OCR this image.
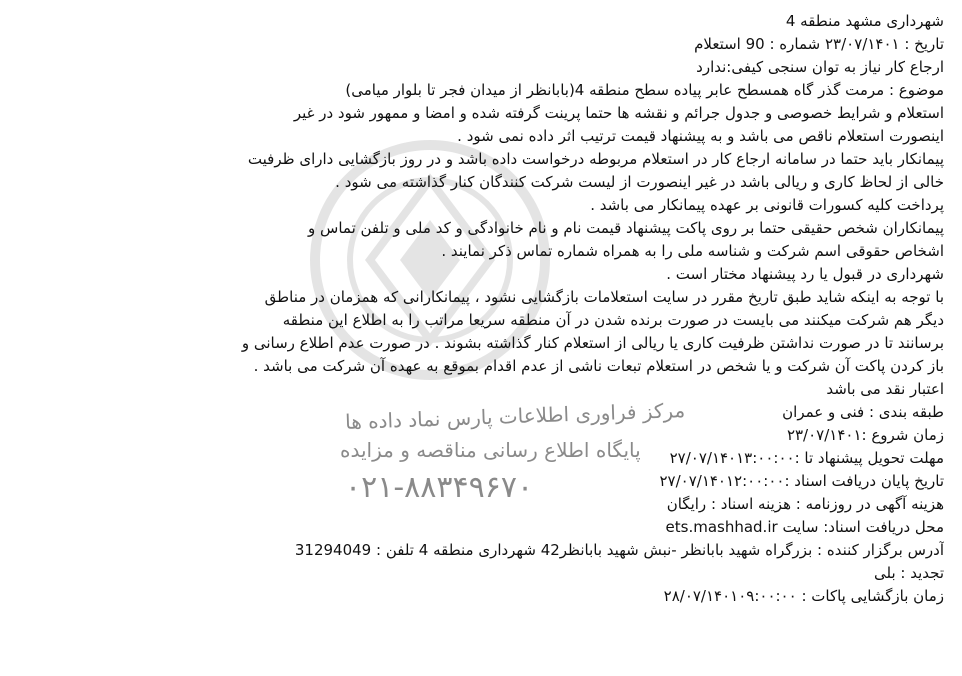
مرکز فراوری اطلاعات پارس نماد داده ها
پایگاه اطلاع رسانی مناقصه و مزایده
۰۲۱-۸۸۳۴۹۶۷۰
شهرداری مشهد منطقه 4
تاریخ : ۲۳/۰۷/۱۴۰۱ شماره : 90 استعلام
ارجاع کار نیاز به توان سنجی کیفی:ندارد
موضوع : مرمت گذر گاه همسطح عابر پیاده سطح منطقه 4(بابانظر از میدان فجر تا بلوار میامی)
استعلام و شرایط خصوصی و جدول جرائم و نقشه ها حتما پرینت گرفته شده و امضا و ممهور شود در غیر
اینصورت استعلام ناقص می باشد و به پیشنهاد قیمت ترتیب اثر داده نمی شود .
پیمانکار باید حتما در سامانه ارجاع کار در استعلام مربوطه درخواست داده باشد و در روز بازگشایی دارای ظرفیت
خالی از لحاظ کاری و ریالی باشد در غیر اینصورت از لیست شرکت کنندگان کنار گذاشته می شود .
پرداخت کلیه کسورات قانونی بر عهده پیمانکار می باشد .
پیمانکاران شخص حقیقی حتما بر روی پاکت پیشنهاد قیمت نام و نام خانوادگی و کد ملی و تلفن تماس و
اشخاص حقوقی اسم شرکت و شناسه ملی را به همراه شماره تماس ذکر نمایند .
شهرداری در قبول یا رد پیشنهاد مختار است .
با توجه به اینکه شاید طبق تاریخ مقرر در سایت استعلامات بازگشایی نشود ، پیمانکارانی که همزمان در مناطق
دیگر هم شرکت میکنند می بایست در صورت برنده شدن در آن منطقه سریعا مراتب را به اطلاع این منطقه
برسانند تا در صورت نداشتن ظرفیت کاری یا ریالی از استعلام کنار گذاشته بشوند . در صورت عدم اطلاع رسانی و
باز کردن پاکت آن شرکت و یا شخص در استعلام تبعات ناشی از عدم اقدام بموقع به عهده آن شرکت می باشد .
اعتبار نقد می باشد
طبقه بندی : فنی و عمران
زمان شروع :۲۳/۰۷/۱۴۰۱
مهلت تحویل پیشنهاد تا :۲۷/۰۷/۱۴۰۱۳:۰۰:۰۰
تاریخ پایان دریافت اسناد :۲۷/۰۷/۱۴۰۱۲:۰۰:۰۰
هزینه آگهی در روزنامه : هزینه اسناد : رایگان
محل دریافت اسناد: سایت ets.mashhad.ir
آدرس برگزار کننده : بزرگراه شهید بابانظر -نبش شهید بابانظر42 شهرداری منطقه 4 تلفن : 31294049
تجدید : بلی
زمان بازگشایی پاکات : ۲۸/۰۷/۱۴۰۱۰۹:۰۰:۰۰
